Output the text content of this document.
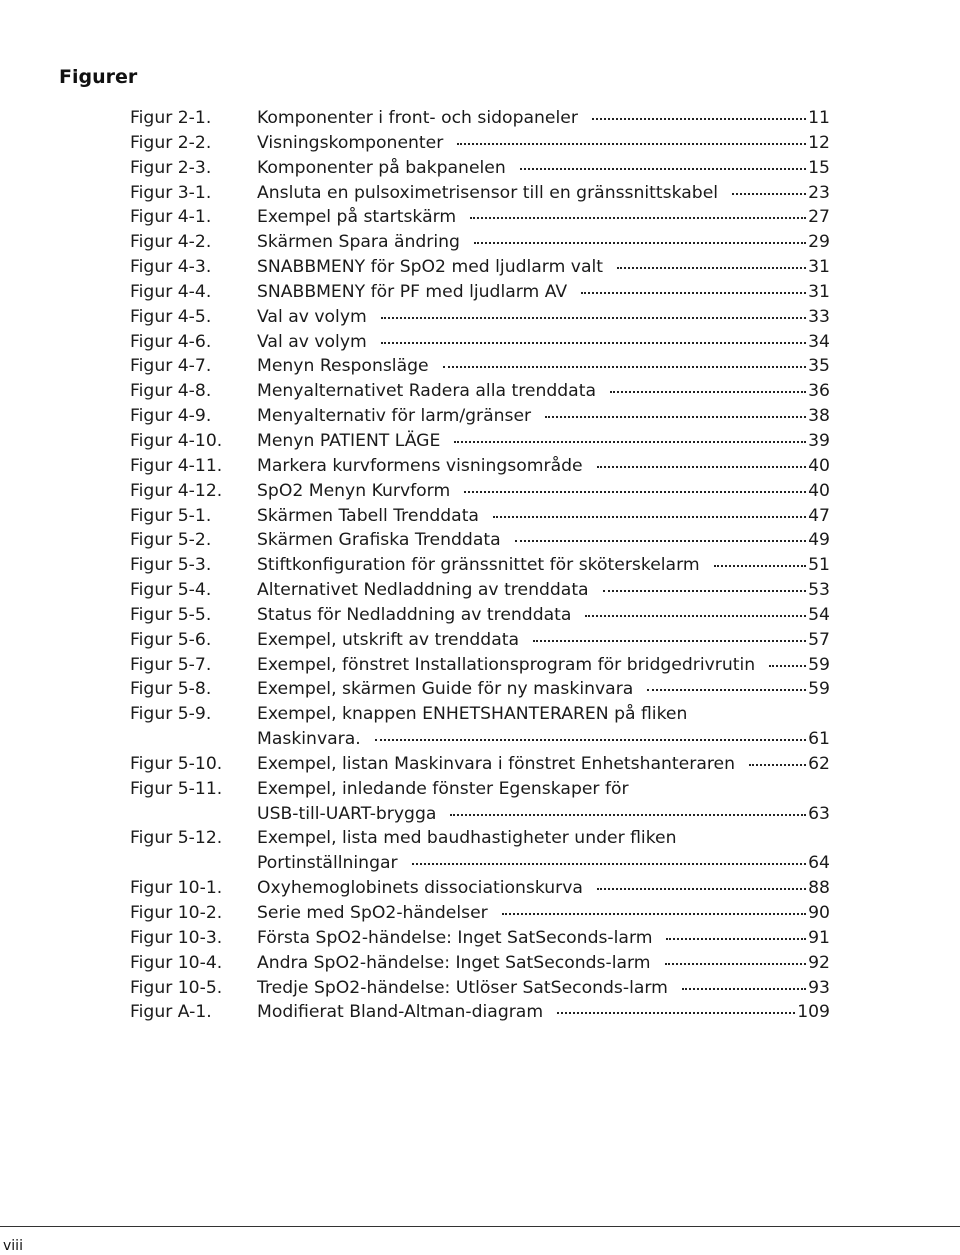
Figurer
Figur 2-1.	Komponenter i front- och sidopaneler	11
Figur 2-2.	Visningskomponenter	12
Figur 2-3.	Komponenter på bakpanelen	15
Figur 3-1.	Ansluta en pulsoximetrisensor till en gränssnittskabel	23
Figur 4-1.	Exempel på startskärm	27
Figur 4-2.	Skärmen Spara ändring	29
Figur 4-3.	SNABBMENY för SpO2 med ljudlarm valt	31
Figur 4-4.	SNABBMENY för PF med ljudlarm AV	31
Figur 4-5.	Val av volym	33
Figur 4-6.	Val av volym	34
Figur 4-7.	Menyn Responsläge	35
Figur 4-8.	Menyalternativet Radera alla trenddata	36
Figur 4-9.	Menyalternativ för larm/gränser	38
Figur 4-10.	Menyn PATIENT LÄGE	39
Figur 4-11.	Markera kurvformens visningsområde	40
Figur 4-12.	SpO2 Menyn Kurvform	40
Figur 5-1.	Skärmen Tabell Trenddata	47
Figur 5-2.	Skärmen Grafiska Trenddata	49
Figur 5-3.	Stiftkonfiguration för gränssnittet för sköterskelarm	51
Figur 5-4.	Alternativet Nedladdning av trenddata	53
Figur 5-5.	Status för Nedladdning av trenddata	54
Figur 5-6.	Exempel, utskrift av trenddata	57
Figur 5-7.	Exempel, fönstret Installationsprogram för bridgedrivrutin	59
Figur 5-8.	Exempel, skärmen Guide för ny maskinvara	59
Figur 5-9.	Exempel, knappen ENHETSHANTERAREN på fliken
Maskinvara.	61
Figur 5-10.	Exempel, listan Maskinvara i fönstret Enhetshanteraren	62
Figur 5-11.	Exempel, inledande fönster Egenskaper för
USB-till-UART-brygga	63
Figur 5-12.	Exempel, lista med baudhastigheter under fliken
Portinställningar	64
Figur 10-1.	Oxyhemoglobinets dissociationskurva	88
Figur 10-2.	Serie med SpO2-händelser	90
Figur 10-3.	Första SpO2-händelse: Inget SatSeconds-larm	91
Figur 10-4.	Andra SpO2-händelse: Inget SatSeconds-larm	92
Figur 10-5.	Tredje SpO2-händelse: Utlöser SatSeconds-larm	93
Figur A-1.	Modifierat Bland-Altman-diagram	109
viii
